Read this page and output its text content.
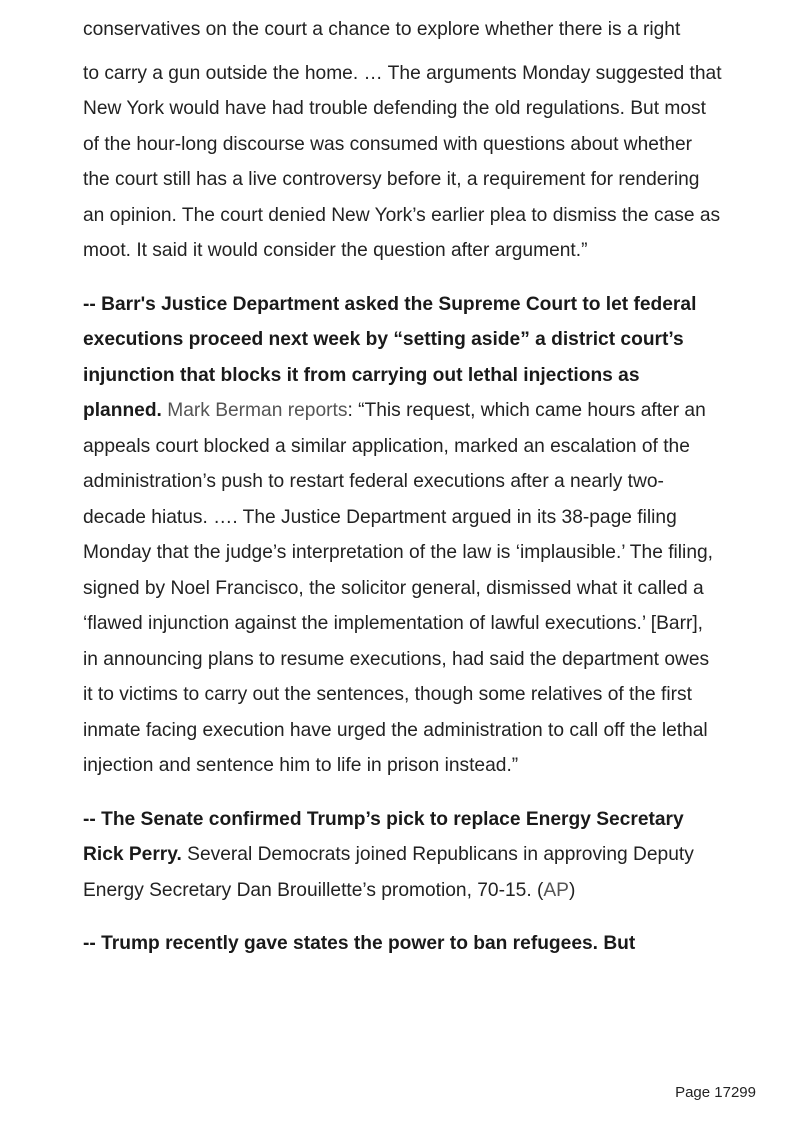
conservatives on the court a chance to explore whether there is a right
to carry a gun outside the home. … The arguments Monday suggested that New York would have had trouble defending the old regulations. But most of the hour-long discourse was consumed with questions about whether the court still has a live controversy before it, a requirement for rendering an opinion. The court denied New York’s earlier plea to dismiss the case as moot. It said it would consider the question after argument.”

-- Barr's Justice Department asked the Supreme Court to let federal executions proceed next week by “setting aside” a district court’s injunction that blocks it from carrying out lethal injections as planned. Mark Berman reports: “This request, which came hours after an appeals court blocked a similar application, marked an escalation of the administration’s push to restart federal executions after a nearly two-decade hiatus. …. The Justice Department argued in its 38-page filing Monday that the judge’s interpretation of the law is ‘implausible.’ The filing, signed by Noel Francisco, the solicitor general, dismissed what it called a ‘flawed injunction against the implementation of lawful executions.’ [Barr], in announcing plans to resume executions, had said the department owes it to victims to carry out the sentences, though some relatives of the first inmate facing execution have urged the administration to call off the lethal injection and sentence him to life in prison instead.”

-- The Senate confirmed Trump’s pick to replace Energy Secretary Rick Perry. Several Democrats joined Republicans in approving Deputy Energy Secretary Dan Brouillette’s promotion, 70-15. (AP)

-- Trump recently gave states the power to ban refugees. But

Page 17299
